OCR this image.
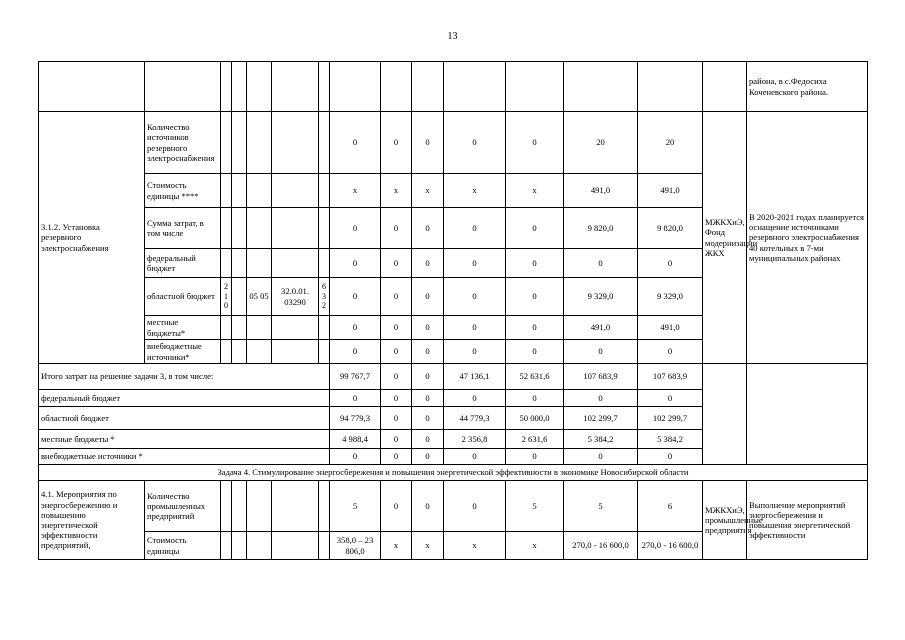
13
															района, в с.Федосиха Коченевского района.
3.1.2. Установка резервного электроснабжения	Количество источников резервного электроснабжения						0	0	0	0	0	20	20	МЖКХиЭ, Фонд модернизации ЖКХ	В 2020-2021 годах планируется оснащение источниками резервного электроснабжения 40 котельных в 7-ми муниципальных районах
	Стоимость единицы ****						x	x	x	x	x	491,0	491,0		
	Сумма затрат, в том числе						0	0	0	0	0	9 820,0	9 820,0		
	федеральный бюджет						0	0	0	0	0	0	0		
	областной бюджет	210		05 05	32.0.01. 03290	632	0	0	0	0	0	9 329,0	9 329,0		
	местные бюджеты*						0	0	0	0	0	491,0	491,0		
	внебюджетные источники*						0	0	0	0	0	0	0		
Итого затрат на решение задачи 3, в том числе:							99 767,7	0	0	47 136,1	52 631,6	107 683,9	107 683,9		
федеральный бюджет							0	0	0	0	0	0	0		
областной бюджет							94 779,3	0	0	44 779,3	50 000,0	102 299,7	102 299,7		
местные бюджеты *							4 988,4	0	0	2 356,8	2 631,6	5 384,2	5 384,2		
внебюджетные источники *							0	0	0	0	0	0	0		
Задача 4. Стимулирование энергосбережения и повышения энергетической эффективности в экономике Новосибирской области															
4.1. Мероприятия по энергосбережению и повышению энергетической эффективности предприятий,	Количество промышленных предприятий						5	0	0	0	5	5	6	МЖКХиЭ, промышленные предприятия	Выполнение мероприятий энергосбережения и повышения энергетической эффективности
	Стоимость единицы						358,0 – 23 806,0	x	x	x	x	270,0 - 16 600,0	270,0 - 16 600,0		
